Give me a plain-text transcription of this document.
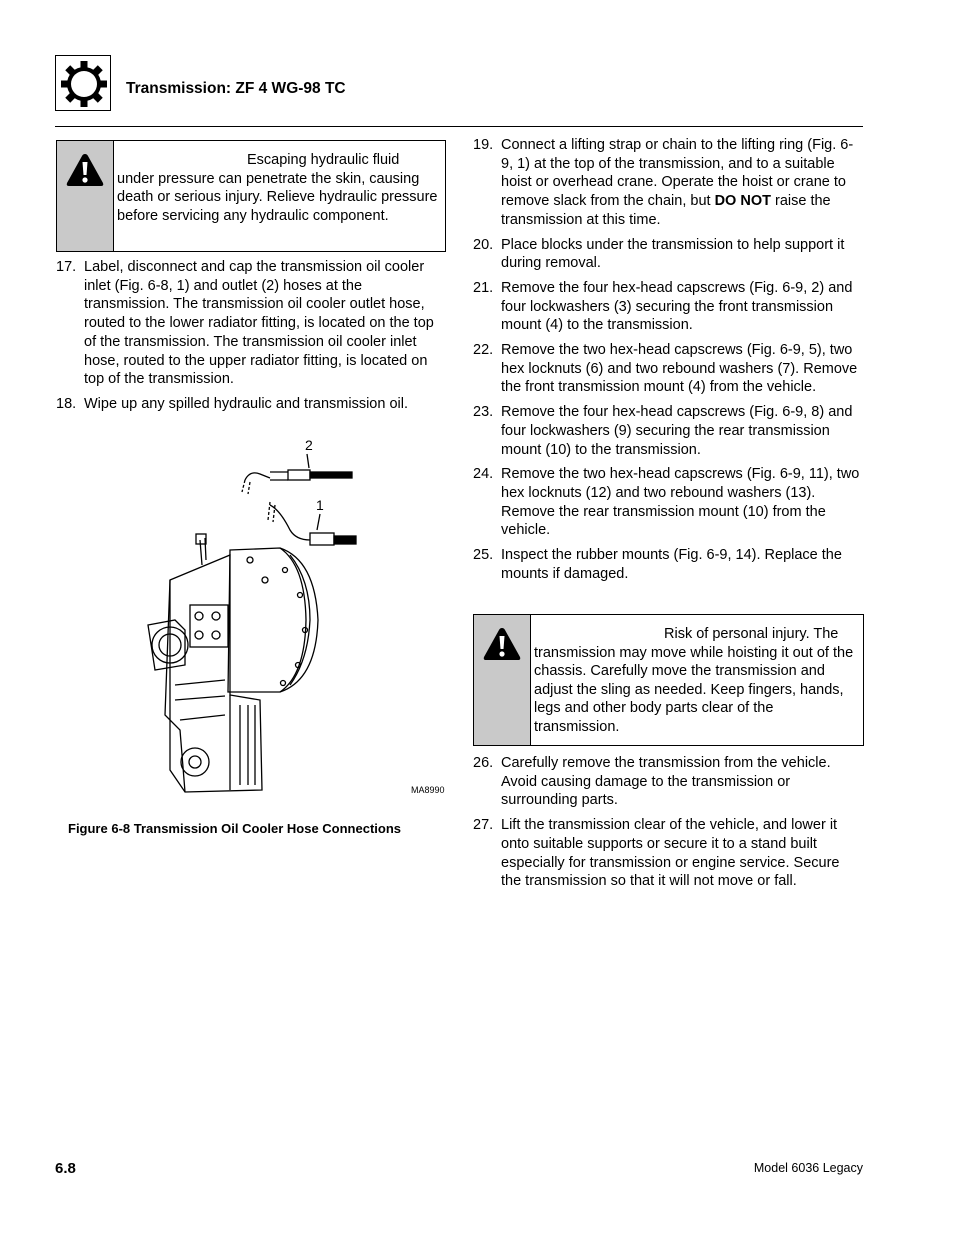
Transmission: ZF 4 WG-98 TC
Escaping hydraulic fluid
under pressure can penetrate the skin, causing death or serious injury. Relieve hydraulic pressure before servicing any hydraulic component.
17. Label, disconnect and cap the transmission oil cooler inlet (Fig. 6-8, 1) and outlet (2) hoses at the transmission. The transmission oil cooler outlet hose, routed to the lower radiator fitting, is located on the top of the transmission. The transmission oil cooler inlet hose, routed to the upper radiator fitting, is located on top of the transmission.
18. Wipe up any spilled hydraulic and transmission oil.
2
1
MA8990
Figure 6-8 Transmission Oil Cooler Hose Connections
19. Connect a lifting strap or chain to the lifting ring (Fig. 6-9, 1) at the top of the transmission, and to a suitable hoist or overhead crane. Operate the hoist or crane to remove slack from the chain, but DO NOT raise the transmission at this time.
20. Place blocks under the transmission to help support it during removal.
21. Remove the four hex-head capscrews (Fig. 6-9, 2) and four lockwashers (3) securing the front transmission mount (4) to the transmission.
22. Remove the two hex-head capscrews (Fig. 6-9, 5), two hex locknuts (6) and two rebound washers (7). Remove the front transmission mount (4) from the vehicle.
23. Remove the four hex-head capscrews (Fig. 6-9, 8) and four lockwashers (9) securing the rear transmission mount (10) to the transmission.
24. Remove the two hex-head capscrews (Fig. 6-9, 11), two hex locknuts (12) and two rebound washers (13). Remove the rear transmission mount (10) from the vehicle.
25. Inspect the rubber mounts (Fig. 6-9, 14). Replace the mounts if damaged.
Risk of personal injury. The
transmission may move while hoisting it out of the chassis. Carefully move the transmission and adjust the sling as needed. Keep fingers, hands, legs and other body parts clear of the transmission.
26. Carefully remove the transmission from the vehicle. Avoid causing damage to the transmission or surrounding parts.
27. Lift the transmission clear of the vehicle, and lower it onto suitable supports or secure it to a stand built especially for transmission or engine service. Secure the transmission so that it will not move or fall.
6.8	Model 6036 Legacy
